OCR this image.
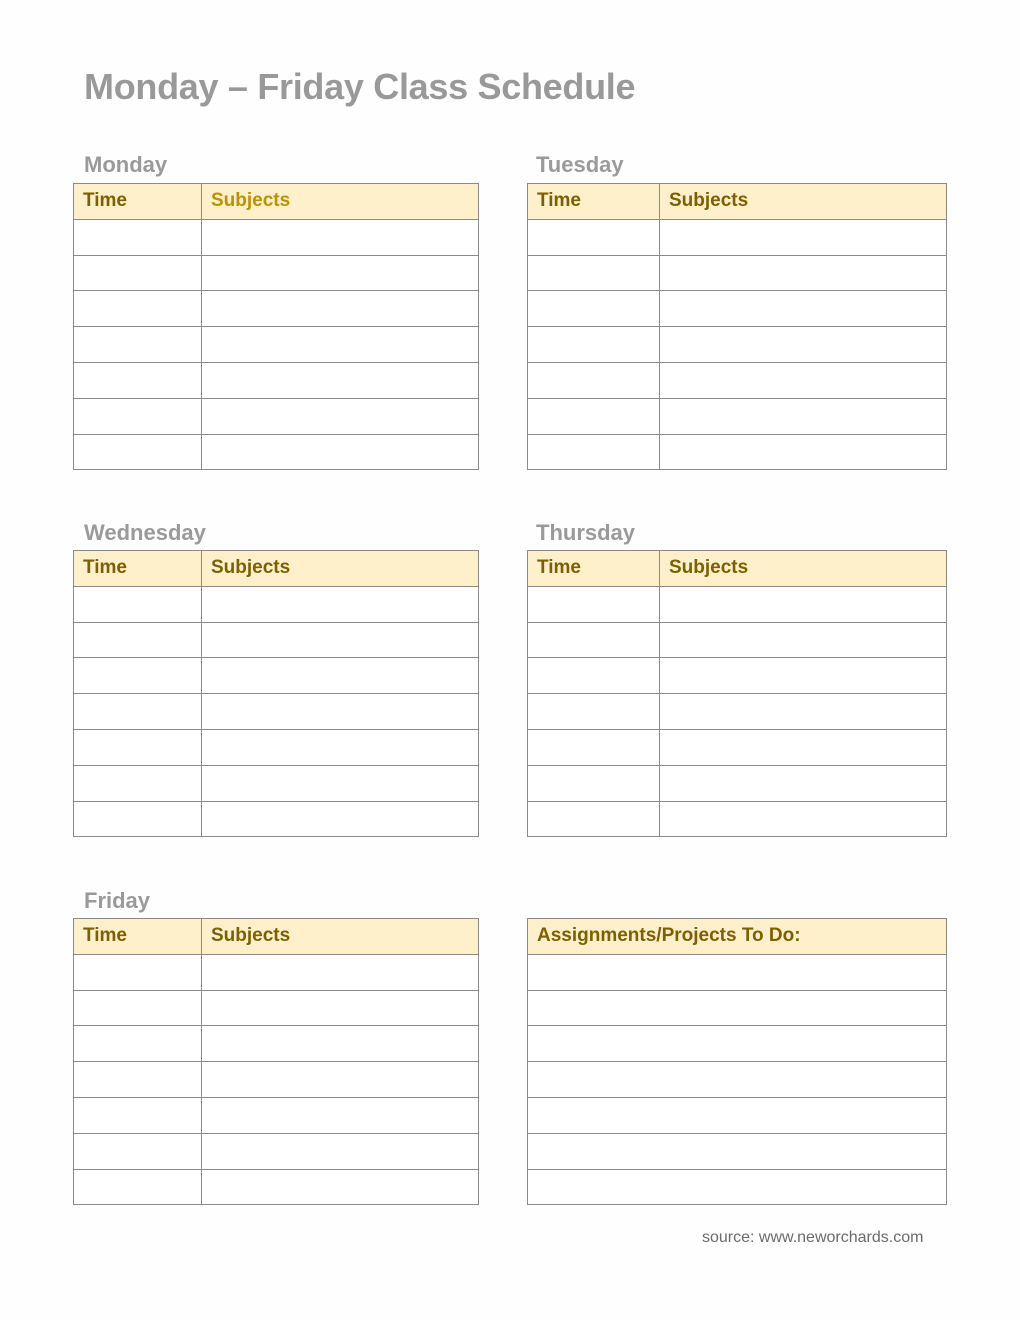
Monday – Friday Class Schedule
Monday
Time	Subjects

Tuesday
Time	Subjects

Wednesday
Time	Subjects

Thursday
Time	Subjects

Friday
Time	Subjects

		Assignments/Projects To Do:

source: www.neworchards.com
